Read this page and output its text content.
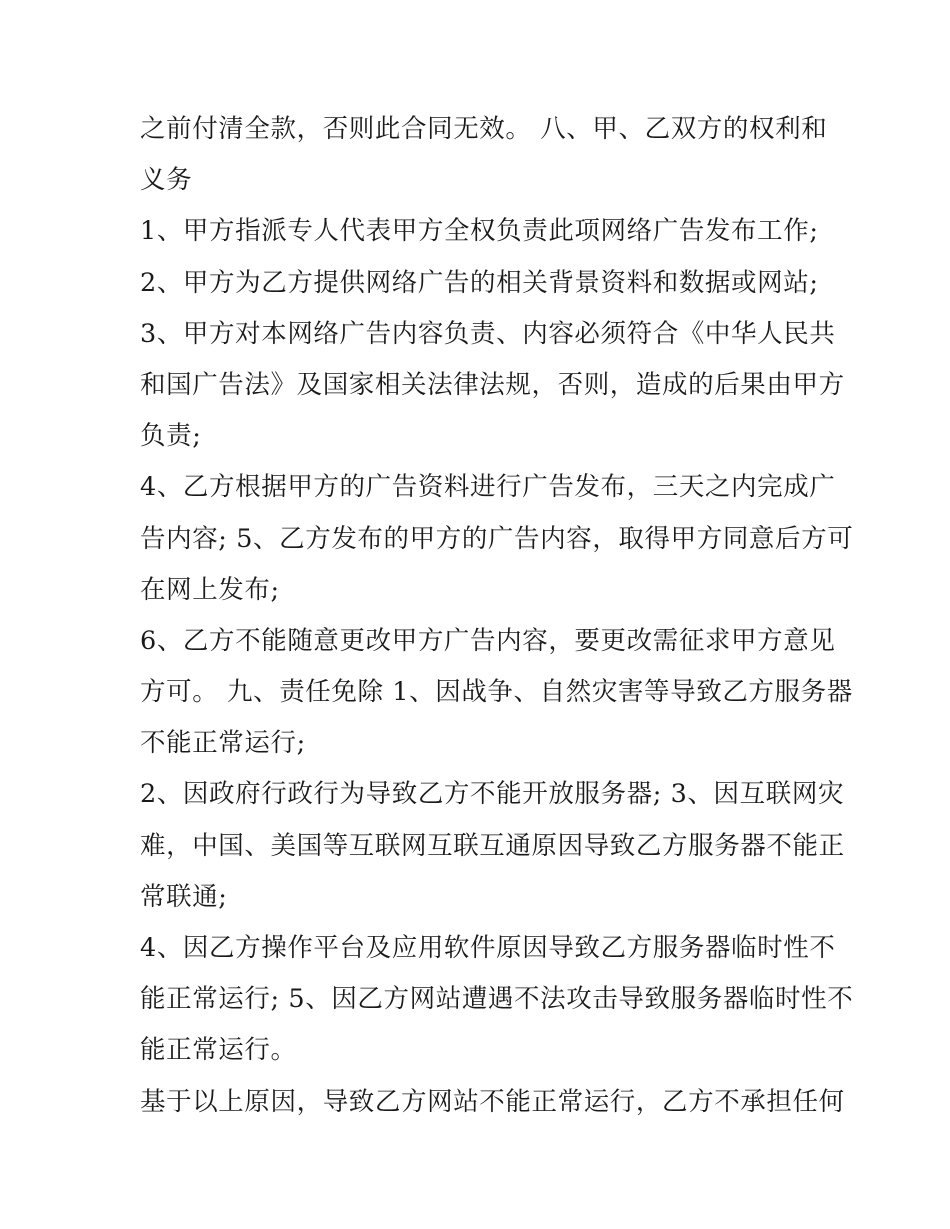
之前付清全款，否则此合同无效。 八、甲、乙双方的权利和
义务

1、甲方指派专人代表甲方全权负责此项网络广告发布工作;

2、甲方为乙方提供网络广告的相关背景资料和数据或网站;

3、甲方对本网络广告内容负责、内容必须符合《中华人民共
和国广告法》及国家相关法律法规，否则，造成的后果由甲方
负责;

4、乙方根据甲方的广告资料进行广告发布，三天之内完成广
告内容; 5、乙方发布的甲方的广告内容，取得甲方同意后方可
在网上发布;

6、乙方不能随意更改甲方广告内容，要更改需征求甲方意见
方可。 九、责任免除 1、因战争、自然灾害等导致乙方服务器
不能正常运行;

2、因政府行政行为导致乙方不能开放服务器; 3、因互联网灾
难，中国、美国等互联网互联互通原因导致乙方服务器不能正
常联通;

4、因乙方操作平台及应用软件原因导致乙方服务器临时性不
能正常运行; 5、因乙方网站遭遇不法攻击导致服务器临时性不
能正常运行。

基于以上原因，导致乙方网站不能正常运行，乙方不承担任何
